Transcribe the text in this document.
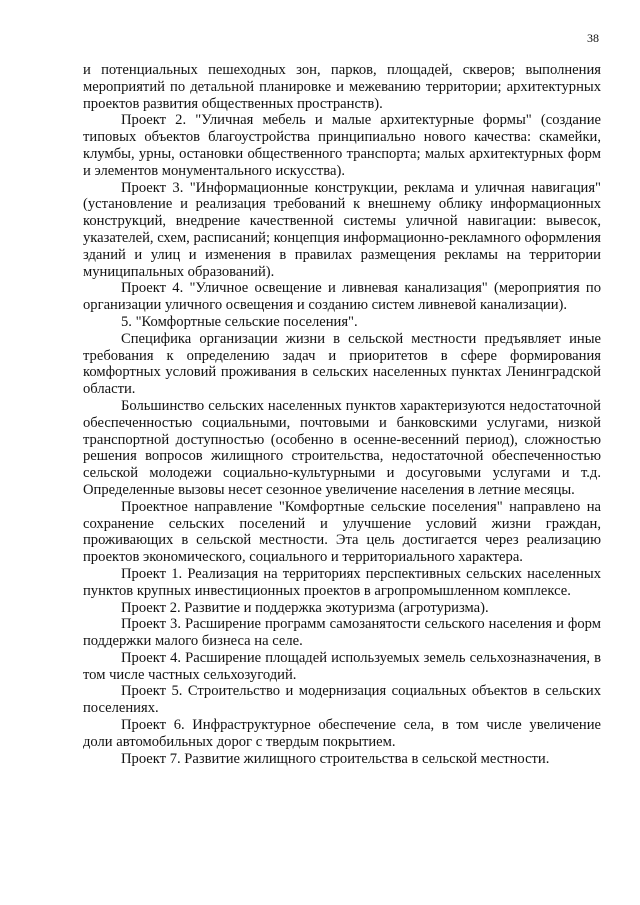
38

и потенциальных пешеходных зон, парков, площадей, скверов; выполнения мероприятий по детальной планировке и межеванию территории; архитектурных проектов развития общественных пространств).

Проект 2. "Уличная мебель и малые архитектурные формы" (создание типовых объектов благоустройства принципиально нового качества: скамейки, клумбы, урны, остановки общественного транспорта; малых архитектурных форм и элементов монументального искусства).

Проект 3. "Информационные конструкции, реклама и уличная навигация" (установление и реализация требований к внешнему облику информационных конструкций, внедрение качественной системы уличной навигации: вывесок, указателей, схем, расписаний; концепция информационно-рекламного оформления зданий и улиц и изменения в правилах размещения рекламы на территории муниципальных образований).

Проект 4. "Уличное освещение и ливневая канализация" (мероприятия по организации уличного освещения и созданию систем ливневой канализации).

5. "Комфортные сельские поселения".

Специфика организации жизни в сельской местности предъявляет иные требования к определению задач и приоритетов в сфере формирования комфортных условий проживания в сельских населенных пунктах Ленинградской области.

Большинство сельских населенных пунктов характеризуются недостаточной обеспеченностью социальными, почтовыми и банковскими услугами, низкой транспортной доступностью (особенно в осенне-весенний период), сложностью решения вопросов жилищного строительства, недостаточной обеспеченностью сельской молодежи социально-культурными и досуговыми услугами и т.д. Определенные вызовы несет сезонное увеличение населения в летние месяцы.

Проектное направление "Комфортные сельские поселения" направлено на сохранение сельских поселений и улучшение условий жизни граждан, проживающих в сельской местности. Эта цель достигается через реализацию проектов экономического, социального и территориального характера.

Проект 1. Реализация на территориях перспективных сельских населенных пунктов крупных инвестиционных проектов в агропромышленном комплексе.

Проект 2. Развитие и поддержка экотуризма (агротуризма).

Проект 3. Расширение программ самозанятости сельского населения и форм поддержки малого бизнеса на селе.

Проект 4. Расширение площадей используемых земель сельхозназначения, в том числе частных сельхозугодий.

Проект 5. Строительство и модернизация социальных объектов в сельских поселениях.

Проект 6. Инфраструктурное обеспечение села, в том числе увеличение доли автомобильных дорог с твердым покрытием.

Проект 7. Развитие жилищного строительства в сельской местности.
